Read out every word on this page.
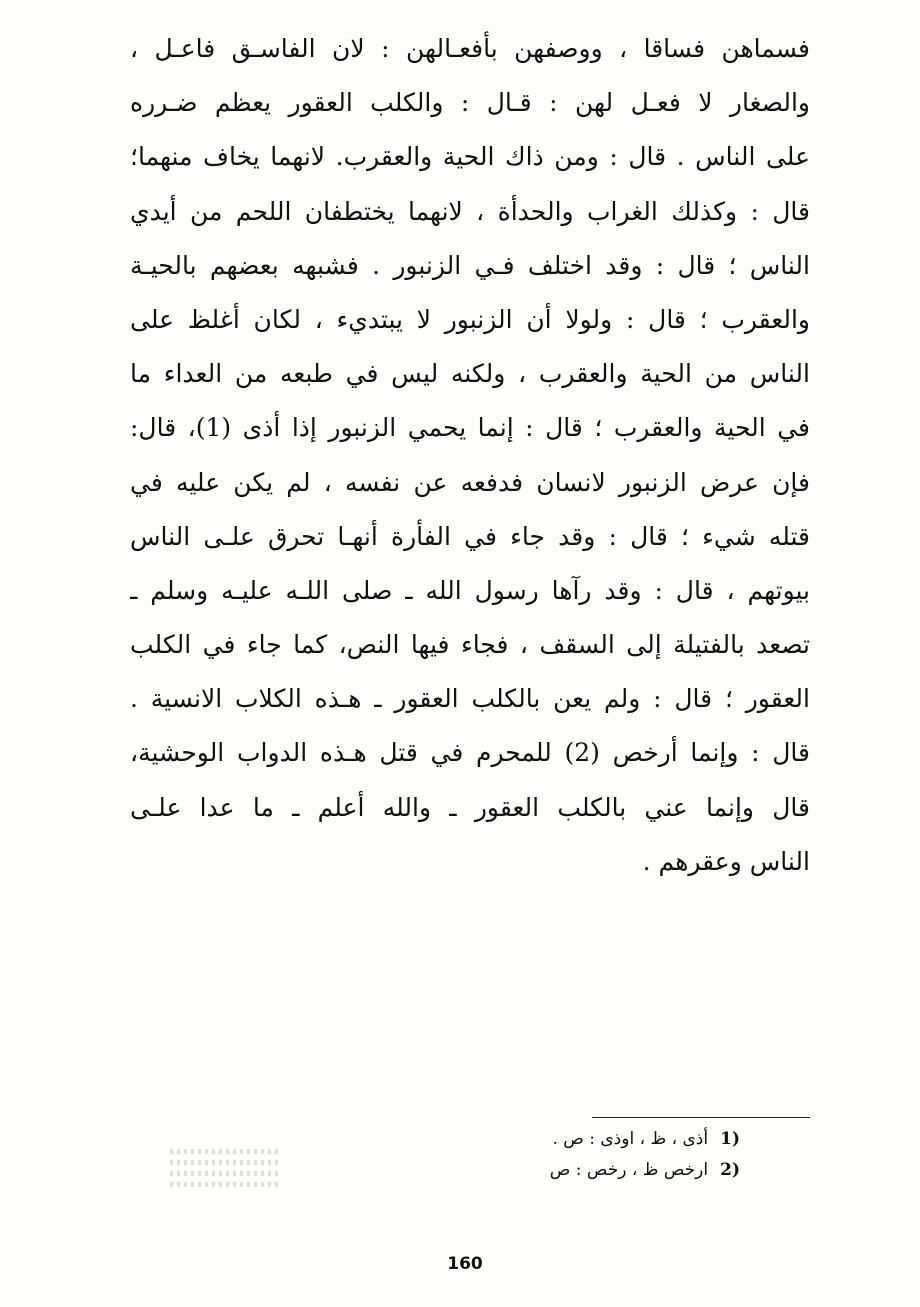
فسماهن فساقا ، ووصفهن بأفعـالهن : لان الفاسـق فاعـل ،
والصغار لا فعـل لهن : قـال : والكلب العقور يعظم ضـرره
على الناس . قال : ومن ذاك الحية والعقرب. لانهما يخاف منهما؛
قال : وكذلك الغراب والحدأة ، لانهما يختطفان اللحم من أيدي
الناس ؛ قال : وقد اختلف فـي الزنبور . فشبهه بعضهم بالحيـة
والعقرب ؛ قال : ولولا أن الزنبور لا يبتديء ، لكان أغلظ على
الناس من الحية والعقرب ، ولكنه ليس في طبعه من العداء ما
في الحية والعقرب ؛ قال : إنما يحمي الزنبور إذا أذى (1)، قال:
فإن عرض الزنبور لانسان فدفعه عن نفسه ، لم يكن عليه في
قتله شيء ؛ قال : وقد جاء في الفأرة أنهـا تحرق علـى الناس
بيوتهم ، قال : وقد رآها رسول الله ـ صلى اللـه عليـه وسلم ـ
تصعد بالفتيلة إلى السقف ، فجاء فيها النص، كما جاء في الكلب
العقور ؛ قال : ولم يعن بالكلب العقور ـ هـذه الكلاب الانسية .
قال : وإنما أرخص (2) للمحرم في قتل هـذه الدواب الوحشية،
قال وإنما عني بالكلب العقور ـ والله أعلم ـ ما عدا علـى
الناس وعقرهم .
(1أذى ، ظ ، اوذى : ص .
(2ارخص ظ ، رخص : ص
160
